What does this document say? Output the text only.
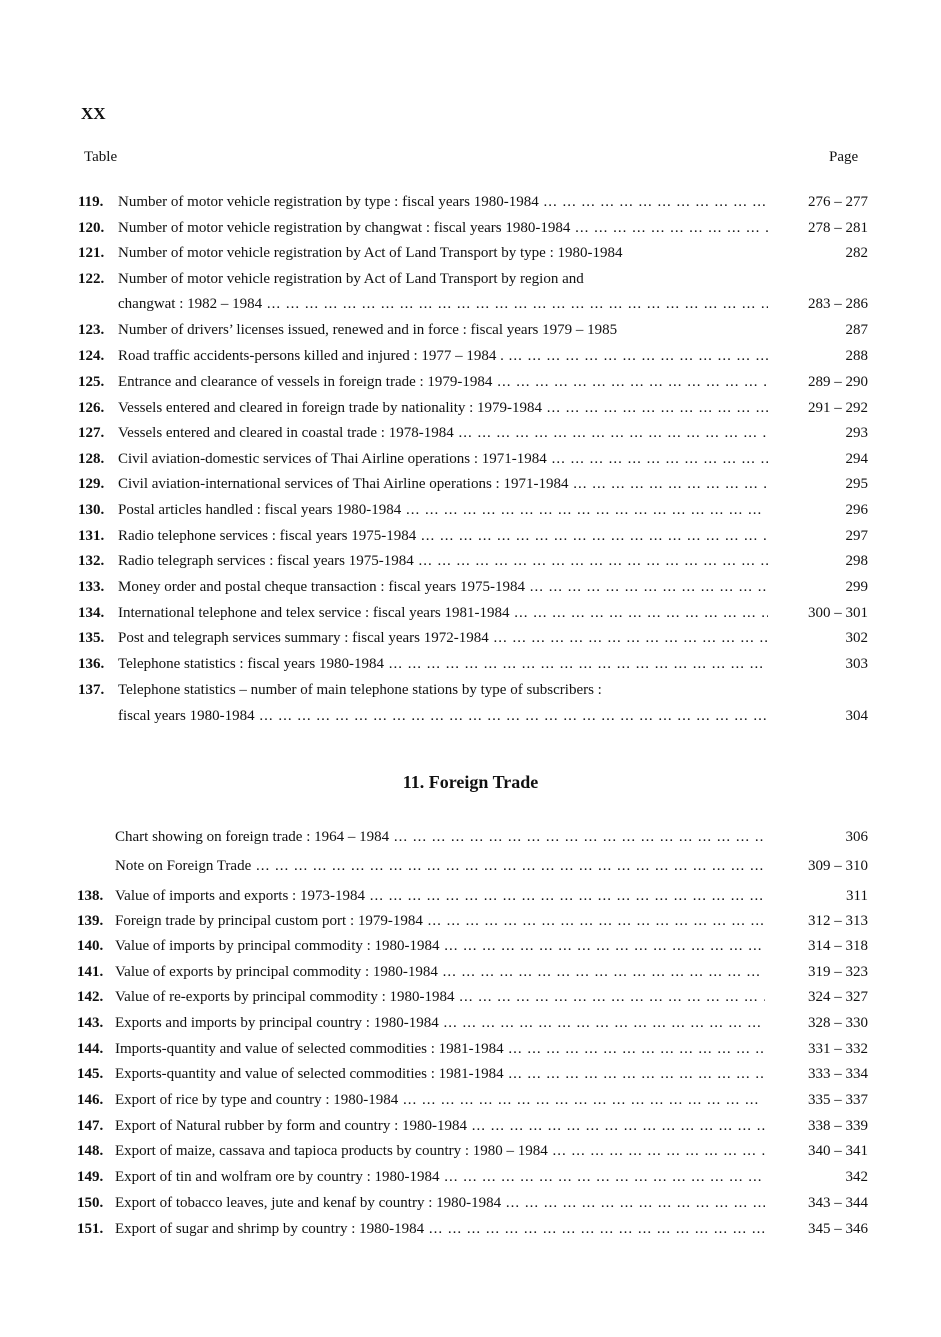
XX
Table	Page
119. Number of motor vehicle registration by type : fiscal years 1980-1984 ... .	276 – 277
120. Number of motor vehicle registration by changwat : fiscal years 1980-1984 ... .	278 – 281
121. Number of motor vehicle registration by Act of Land Transport by type : 1980-1984	282
122. Number of motor vehicle registration by Act of Land Transport by region and
changwat : 1982 – 1984 ... .	283 – 286
123. Number of drivers’ licenses issued, renewed and in force : fiscal years 1979 – 1985	287
124. Road traffic accidents-persons killed and injured : 1977 – 1984 . ... .	288
125. Entrance and clearance of vessels in foreign trade : 1979-1984 ... .	289 – 290
126. Vessels entered and cleared in foreign trade by nationality : 1979-1984 ... .	291 – 292
127. Vessels entered and cleared in coastal trade : 1978-1984 ... .	293
128. Civil aviation-domestic services of Thai Airline operations : 1971-1984 ... .	294
129. Civil aviation-international services of Thai Airline operations : 1971-1984 ... .	295
130. Postal articles handled : fiscal years 1980-1984 ... .	296
131. Radio telephone services : fiscal years 1975-1984 ... .	297
132. Radio telegraph services : fiscal years 1975-1984 ... .	298
133. Money order and postal cheque transaction : fiscal years 1975-1984 ... .	299
134. International telephone and telex service : fiscal years 1981-1984 ... .	300 – 301
135. Post and telegraph services summary : fiscal years 1972-1984 ... .	302
136. Telephone statistics : fiscal years 1980-1984 ... .	303
137. Telephone statistics – number of main telephone stations by type of subscribers :
fiscal years 1980-1984 ... .	304
11. Foreign Trade
Chart showing on foreign trade : 1964 – 1984 ... .	306
Note on Foreign Trade ... .	309 – 310
138. Value of imports and exports : 1973-1984 ... .	311
139. Foreign trade by principal custom port : 1979-1984 ... .	312 – 313
140. Value of imports by principal commodity : 1980-1984 ... .	314 – 318
141. Value of exports by principal commodity : 1980-1984 ... .	319 – 323
142. Value of re-exports by principal commodity : 1980-1984 ... .	324 – 327
143. Exports and imports by principal country : 1980-1984 ... .	328 – 330
144. Imports-quantity and value of selected commodities : 1981-1984 ... .	331 – 332
145. Exports-quantity and value of selected commodities : 1981-1984 ... .	333 – 334
146. Export of rice by type and country : 1980-1984 ... .	335 – 337
147. Export of Natural rubber by form and country : 1980-1984 ... .	338 – 339
148. Export of maize, cassava and tapioca products by country : 1980 – 1984 ... .	340 – 341
149. Export of tin and wolfram ore by country : 1980-1984 ... .	342
150. Export of tobacco leaves, jute and kenaf by country : 1980-1984 ... .	343 – 344
151. Export of sugar and shrimp by country : 1980-1984 ... .	345 – 346
